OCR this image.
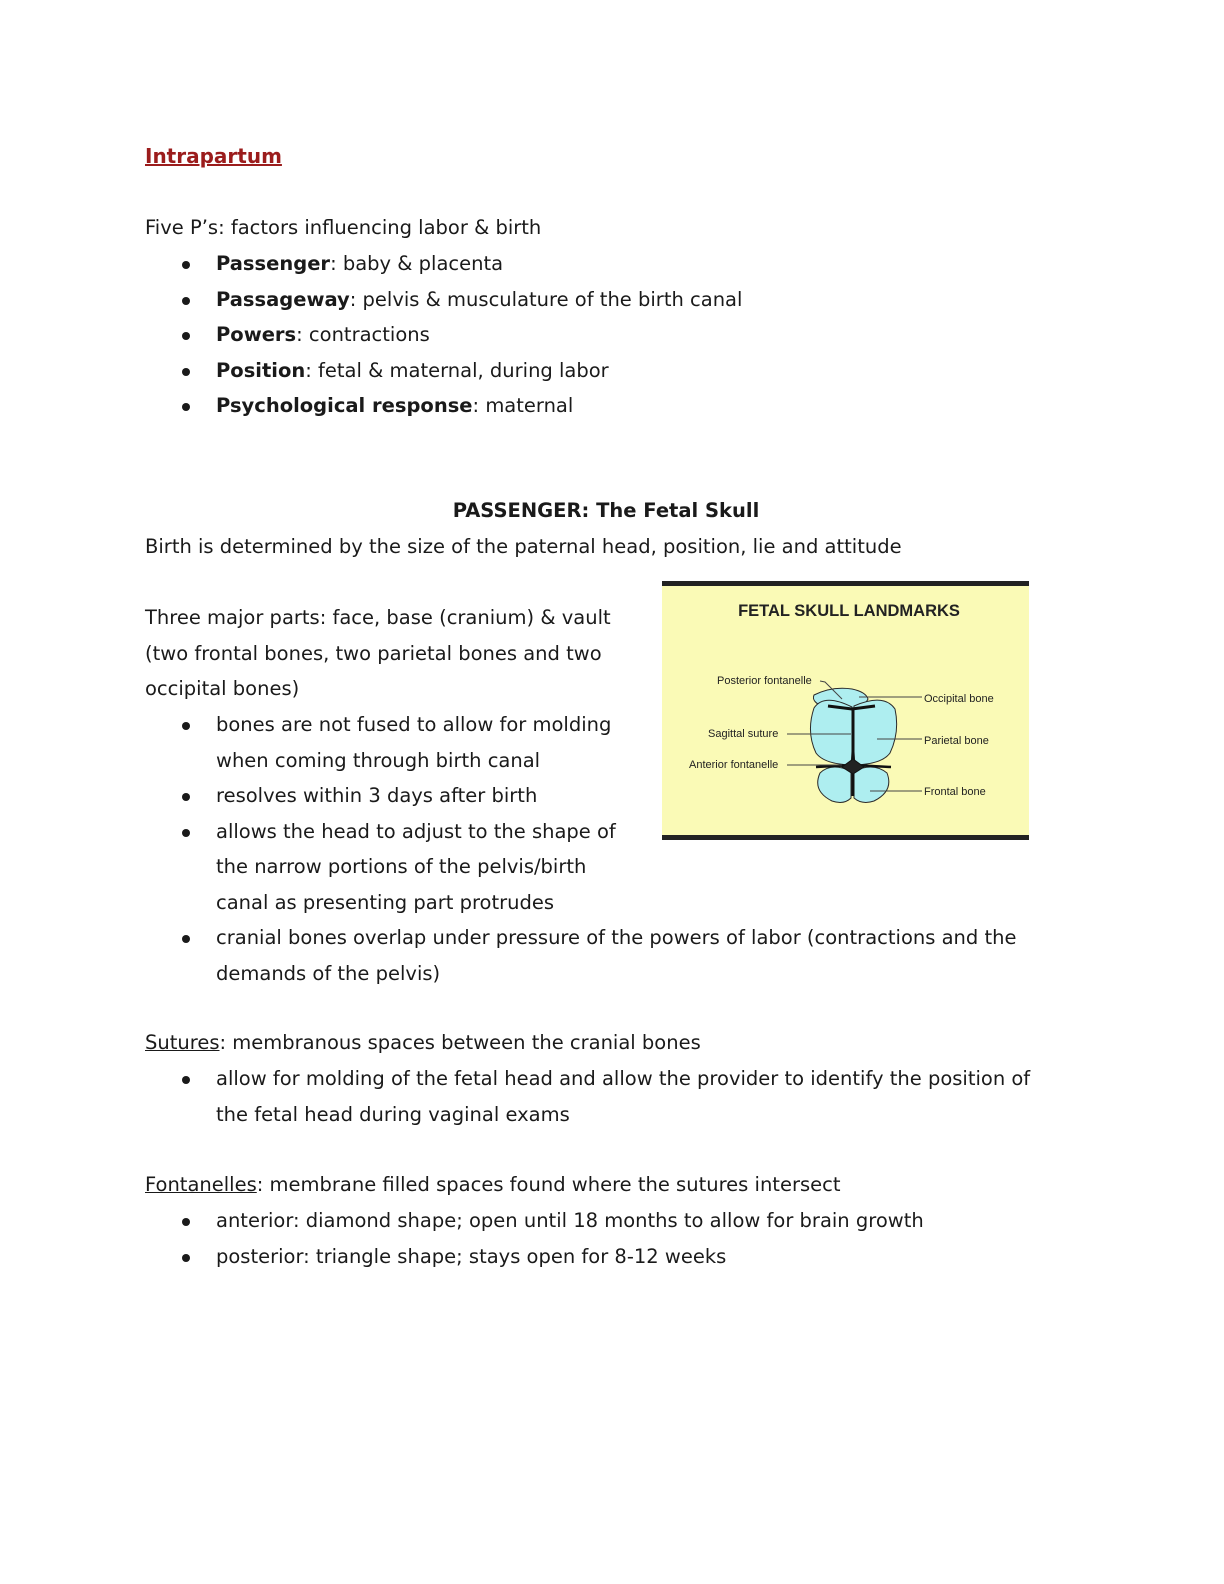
Intrapartum

Five P’s: factors influencing labor & birth

Passenger: baby & placenta
Passageway: pelvis & musculature of the birth canal
Powers: contractions
Position: fetal & maternal, during labor
Psychological response: maternal
PASSENGER: The Fetal Skull

Birth is determined by the size of the paternal head, position, lie and attitude

Three major parts: face, base (cranium) & vault

(two frontal bones, two parietal bones and two

occipital bones)

bones are not fused to allow for molding
when coming through birth canal
resolves within 3 days after birth
allows the head to adjust to the shape of
the narrow portions of the pelvis/birth
canal as presenting part protrudes
cranial bones overlap under pressure of the powers of labor (contractions and the
demands of the pelvis)
FETAL SKULL LANDMARKS
Posterior fontanelle
Sagittal suture
Anterior fontanelle
Occipital bone
Parietal bone
Frontal bone

Sutures: membranous spaces between the cranial bones

allow for molding of the fetal head and allow the provider to identify the position of
the fetal head during vaginal exams

Fontanelles: membrane filled spaces found where the sutures intersect

anterior: diamond shape; open until 18 months to allow for brain growth
posterior: triangle shape; stays open for 8-12 weeks
